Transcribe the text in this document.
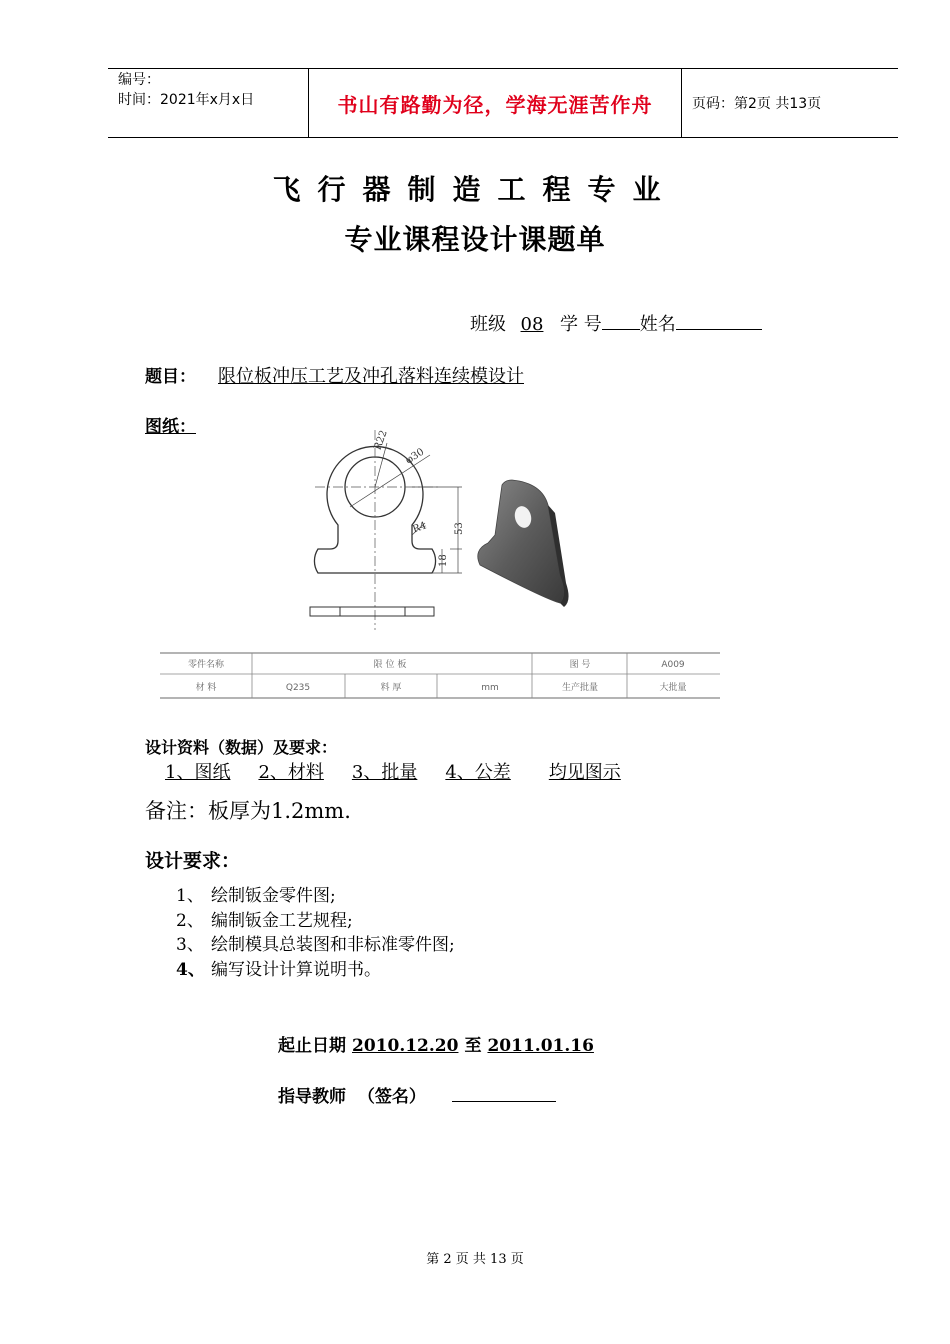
编号：
时间：2021年x月x日	书山有路勤为径，学海无涯苦作舟	页码：第2页 共13页
飞行器制造工程专业
专业课程设计课题单
班级 08 学 号 姓名
题目： 限位板冲压工艺及冲孔落料连续模设计
图纸：
R22
φ30
R4	53
18
零件名称	限 位 板	图 号	A009
材 料	Q235	料 厚	mm	生产批量	大批量
设计资料（数据）及要求：
1、图纸 2、材料 3、批量 4、公差 均见图示
备注：板厚为1.2mm.
设计要求：
1、 绘制钣金零件图;
2、 编制钣金工艺规程;
3、 绘制模具总装图和非标准零件图;
4、 编写设计计算说明书。
起止日期 2010.12.20 至 2011.01.16
指导教师  （签名）
第 2 页 共 13 页
